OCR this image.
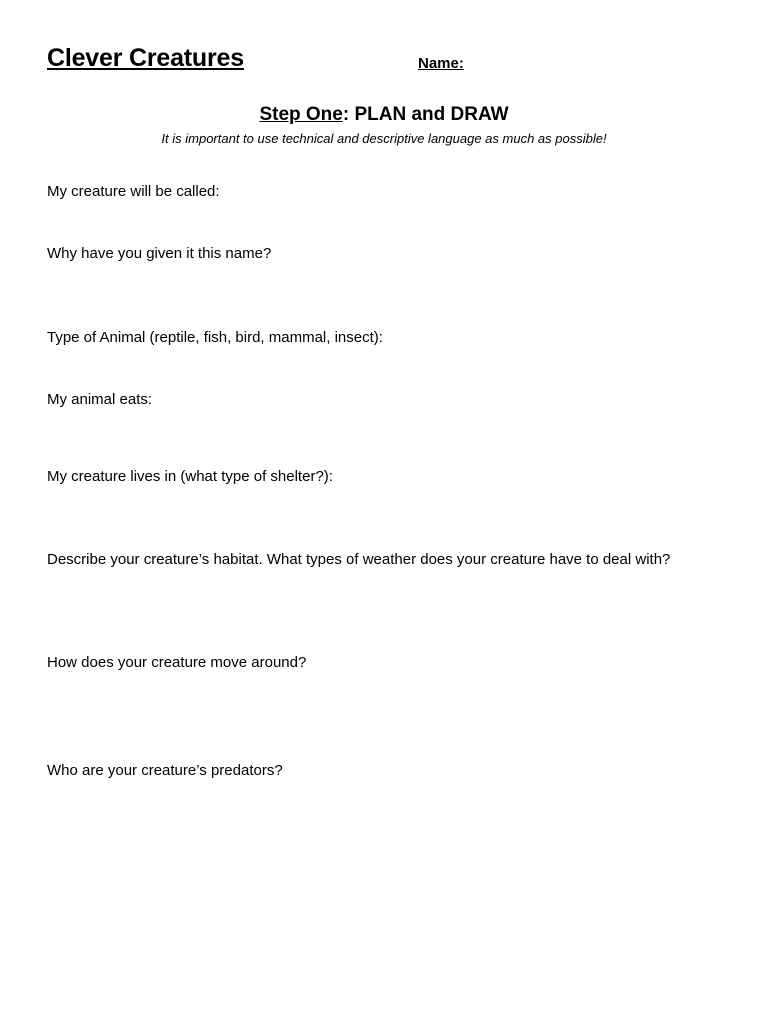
Clever Creatures	Name:
Step One: PLAN and DRAW
It is important to use technical and descriptive language as much as possible!
My creature will be called:
Why have you given it this name?
Type of Animal (reptile, fish, bird, mammal, insect):
My animal eats:
My creature lives in (what type of shelter?):
Describe your creature’s habitat. What types of weather does your creature have to deal with?
How does your creature move around?
Who are your creature’s predators?
